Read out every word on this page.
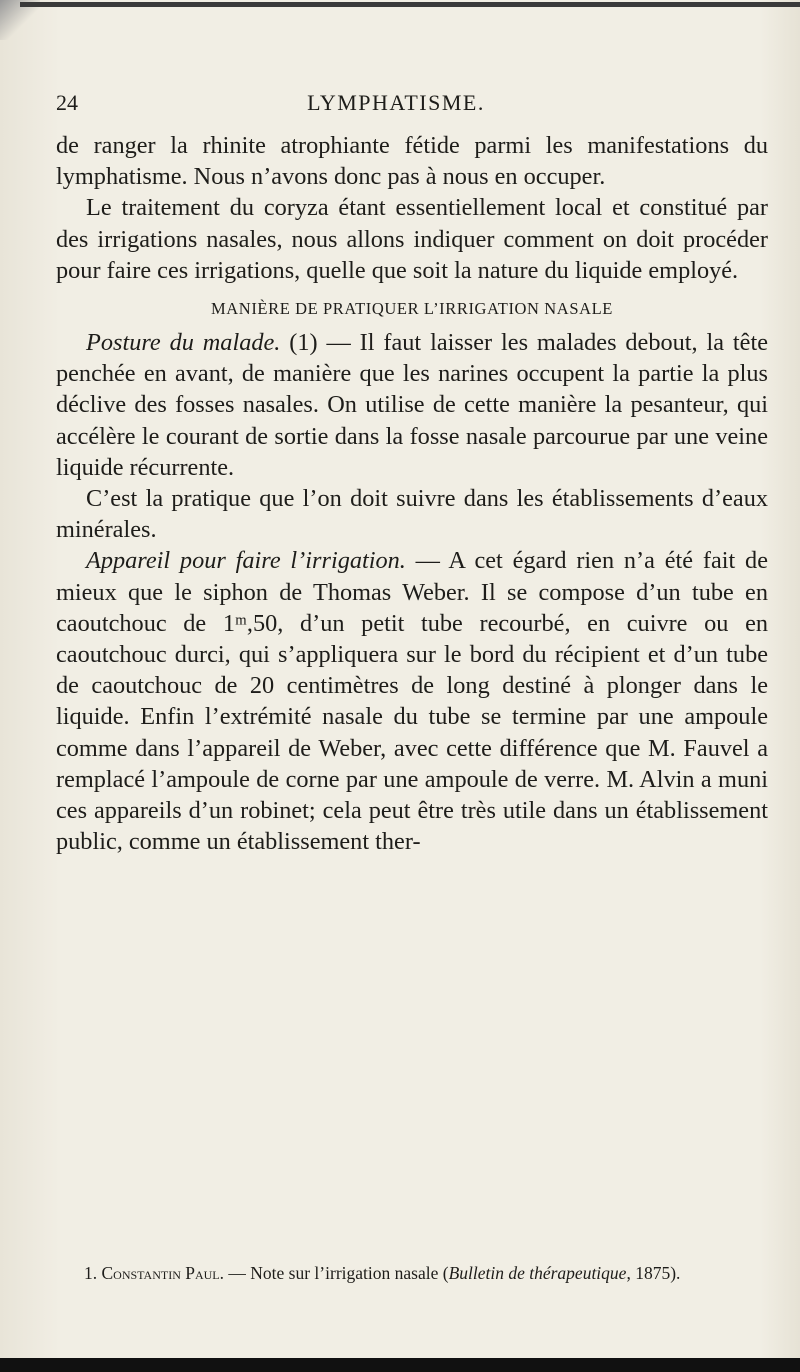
24	LYMPHATISME.

de ranger la rhinite atrophiante fétide parmi les manifestations du lymphatisme. Nous n’avons donc pas à nous en occuper.

Le traitement du coryza étant essentiellement local et constitué par des irrigations nasales, nous allons indiquer comment on doit procéder pour faire ces irrigations, quelle que soit la nature du liquide employé.

MANIÈRE DE PRATIQUER L’IRRIGATION NASALE

Posture du malade. (1) — Il faut laisser les malades debout, la tête penchée en avant, de manière que les narines occupent la partie la plus déclive des fosses nasales. On utilise de cette manière la pesanteur, qui accélère le courant de sortie dans la fosse nasale parcourue par une veine liquide récurrente.

C’est la pratique que l’on doit suivre dans les établissements d’eaux minérales.

Appareil pour faire l’irrigation. — A cet égard rien n’a été fait de mieux que le siphon de Thomas Weber. Il se compose d’un tube en caoutchouc de 1ᵐ,50, d’un petit tube recourbé, en cuivre ou en caoutchouc durci, qui s’appliquera sur le bord du récipient et d’un tube de caoutchouc de 20 centimètres de long destiné à plonger dans le liquide. Enfin l’extrémité nasale du tube se termine par une ampoule comme dans l’appareil de Weber, avec cette différence que M. Fauvel a remplacé l’ampoule de corne par une ampoule de verre. M. Alvin a muni ces appareils d’un robinet; cela peut être très utile dans un établissement public, comme un établissement ther-

1. Constantin Paul. — Note sur l’irrigation nasale (Bulletin de thérapeutique, 1875).
